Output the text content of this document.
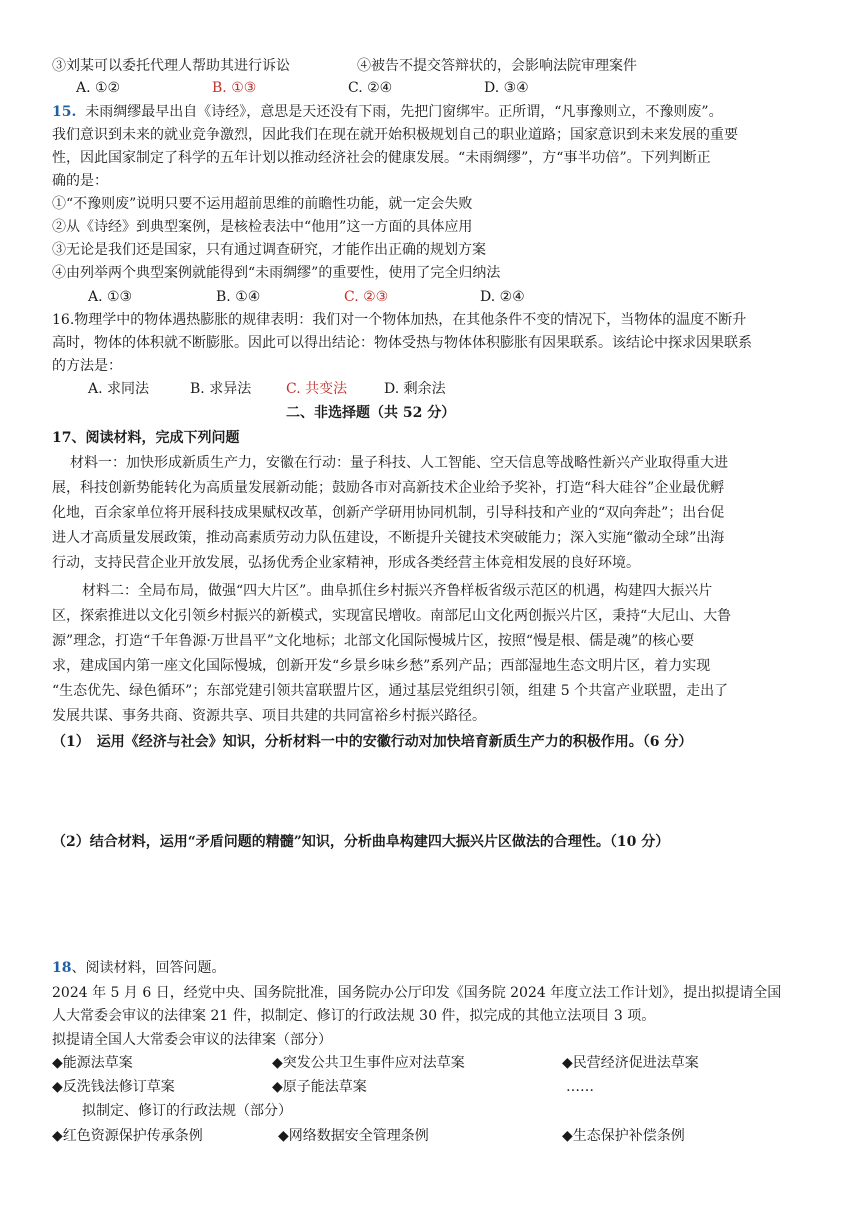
③刘某可以委托代理人帮助其进行诉讼	④被告不提交答辩状的，会影响法院审理案件
A. ①②	B. ①③	C. ②④	D. ③④
15. 未雨绸缪最早出自《诗经》，意思是天还没有下雨，先把门窗绑牢。正所谓，“凡事豫则立，不豫则废”。
我们意识到未来的就业竞争激烈，因此我们在现在就开始积极规划自己的职业道路；国家意识到未来发展的重要
性，因此国家制定了科学的五年计划以推动经济社会的健康发展。“未雨绸缪”，方“事半功倍”。下列判断正
确的是：
①“不豫则废”说明只要不运用超前思维的前瞻性功能，就一定会失败
②从《诗经》到典型案例，是核检表法中“他用”这一方面的具体应用
③无论是我们还是国家，只有通过调查研究，才能作出正确的规划方案
④由列举两个典型案例就能得到“未雨绸缪”的重要性，使用了完全归纳法
A. ①③	B. ①④	C. ②③	D. ②④
16.物理学中的物体遇热膨胀的规律表明：我们对一个物体加热，在其他条件不变的情况下，当物体的温度不断升
高时，物体的体积就不断膨胀。因此可以得出结论：物体受热与物体体积膨胀有因果联系。该结论中探求因果联系
的方法是：
A. 求同法	B. 求异法 C. 共变法	D. 剩余法
二、非选择题（共 52 分）
17、阅读材料，完成下列问题
材料一：加快形成新质生产力，安徽在行动：量子科技、人工智能、空天信息等战略性新兴产业取得重大进
展，科技创新势能转化为高质量发展新动能；鼓励各市对高新技术企业给予奖补，打造“科大硅谷”企业最优孵
化地，百余家单位将开展科技成果赋权改革，创新产学研用协同机制，引导科技和产业的“双向奔赴”；出台促
进人才高质量发展政策，推动高素质劳动力队伍建设，不断提升关键技术突破能力；深入实施“徽动全球”出海
行动，支持民营企业开放发展，弘扬优秀企业家精神，形成各类经营主体竞相发展的良好环境。
材料二：全局布局，做强“四大片区”。曲阜抓住乡村振兴齐鲁样板省级示范区的机遇，构建四大振兴片
区，探索推进以文化引领乡村振兴的新模式，实现富民增收。南部尼山文化两创振兴片区，秉持“大尼山、大鲁
源”理念，打造“千年鲁源·万世昌平”文化地标；北部文化国际慢城片区，按照“慢是根、儒是魂”的核心要
求，建成国内第一座文化国际慢城，创新开发“乡景乡味乡愁”系列产品；西部湿地生态文明片区，着力实现
“生态优先、绿色循环”；东部党建引领共富联盟片区，通过基层党组织引领，组建 5 个共富产业联盟，走出了
发展共谋、事务共商、资源共享、项目共建的共同富裕乡村振兴路径。
（1）　运用《经济与社会》知识，分析材料一中的安徽行动对加快培育新质生产力的积极作用。（6 分）
（2）结合材料，运用“矛盾问题的精髓”知识，分析曲阜构建四大振兴片区做法的合理性。（10 分）
18、阅读材料，回答问题。
2024 年 5 月 6 日，经党中央、国务院批准，国务院办公厅印发《国务院 2024 年度立法工作计划》，提出拟提请全国
人大常委会审议的法律案 21 件，拟制定、修订的行政法规 30 件，拟完成的其他立法项目 3 项。
拟提请全国人大常委会审议的法律案（部分）
◆能源法草案	◆突发公共卫生事件应对法草案	◆民营经济促进法草案
◆反洗钱法修订草案	◆原子能法草案	……
拟制定、修订的行政法规（部分）
◆红色资源保护传承条例	◆网络数据安全管理条例	◆生态保护补偿条例
